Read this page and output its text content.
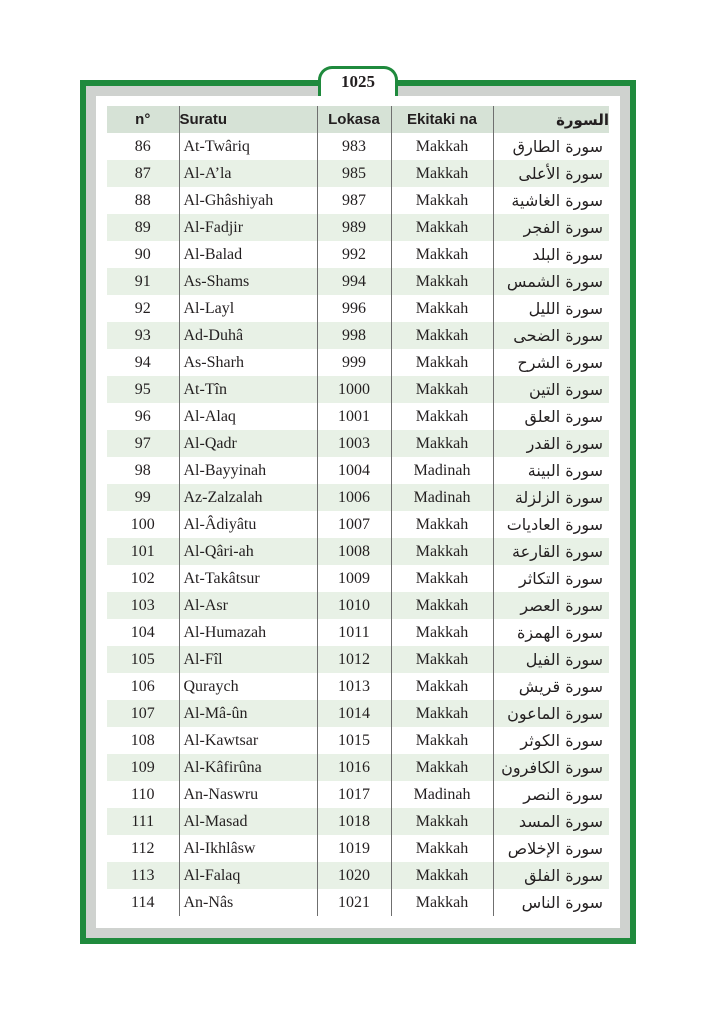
1025
n°	Suratu	Lokasa	Ekitaki na	السورة
86	At-Twâriq	983	Makkah	سورة الطارق
87	Al-A’la	985	Makkah	سورة الأعلى
88	Al-Ghâshiyah	987	Makkah	سورة الغاشية
89	Al-Fadjir	989	Makkah	سورة الفجر
90	Al-Balad	992	Makkah	سورة البلد
91	As-Shams	994	Makkah	سورة الشمس
92	Al-Layl	996	Makkah	سورة الليل
93	Ad-Duhâ	998	Makkah	سورة الضحى
94	As-Sharh	999	Makkah	سورة الشرح
95	At-Tîn	1000	Makkah	سورة التين
96	Al-Alaq	1001	Makkah	سورة العلق
97	Al-Qadr	1003	Makkah	سورة القدر
98	Al-Bayyinah	1004	Madinah	سورة البينة
99	Az-Zalzalah	1006	Madinah	سورة الزلزلة
100	Al-Âdiyâtu	1007	Makkah	سورة العاديات
101	Al-Qâri-ah	1008	Makkah	سورة القارعة
102	At-Takâtsur	1009	Makkah	سورة التكاثر
103	Al-Asr	1010	Makkah	سورة العصر
104	Al-Humazah	1011	Makkah	سورة الهمزة
105	Al-Fîl	1012	Makkah	سورة الفيل
106	Quraych	1013	Makkah	سورة قريش
107	Al-Mâ-ûn	1014	Makkah	سورة الماعون
108	Al-Kawtsar	1015	Makkah	سورة الكوثر
109	Al-Kâfirûna	1016	Makkah	سورة الكافرون
110	An-Naswru	1017	Madinah	سورة النصر
111	Al-Masad	1018	Makkah	سورة المسد
112	Al-Ikhlâsw	1019	Makkah	سورة الإخلاص
113	Al-Falaq	1020	Makkah	سورة الفلق
114	An-Nâs	1021	Makkah	سورة الناس
